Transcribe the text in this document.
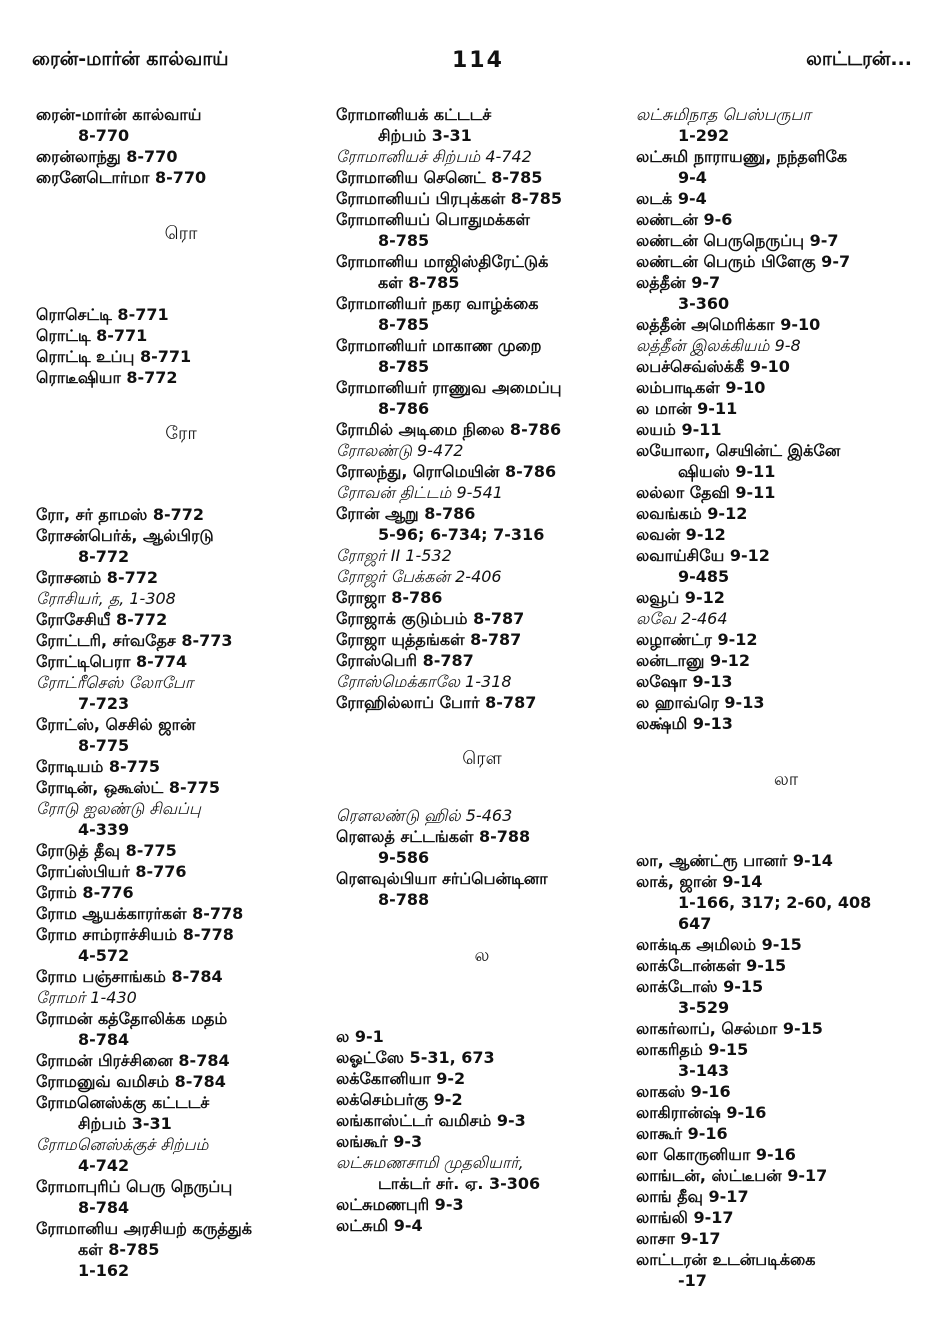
ரைன்-மார்ன் கால்வாய்	114	லாட்டரன்...
ரைன்-மார்ன் கால்வாய்
8-770
ரைன்லாந்து 8-770
ரைனேடொர்மா 8-770
ரொ
ரொசெட்டி 8-771
ரொட்டி 8-771
ரொட்டி உப்பு 8-771
ரொடீஷியா 8-772
ரோ
ரோ, சர் தாமஸ் 8-772
ரோசன்பெர்க், ஆல்பிரடு
8-772
ரோசனம் 8-772
ரோசியர், த, 1-308
ரோசேசியீ 8-772
ரோட்டரி, சர்வதேச 8-773
ரோட்டிபெரா 8-774
ரோட்ரீசெஸ் லோபோ
7-723
ரோட்ஸ், செசில் ஜான்
8-775
ரோடியம் 8-775
ரோடின், ஒகூஸ்ட் 8-775
ரோடு ஐலண்டு சிவப்பு
4-339
ரோடுத் தீவு 8-775
ரோப்ஸ்பியர் 8-776
ரோம் 8-776
ரோம ஆயக்காரர்கள் 8-778
ரோம சாம்ராச்சியம் 8-778
4-572
ரோம பஞ்சாங்கம் 8-784
ரோமர் 1-430
ரோமன் கத்தோலிக்க மதம்
8-784
ரோமன் பிரச்சினை 8-784
ரோமனுவ் வமிசம் 8-784
ரோமனெஸ்க்கு கட்டடச்
சிற்பம் 3-31
ரோமனெஸ்க்குச் சிற்பம்
4-742
ரோமாபுரிப் பெரு நெருப்பு
8-784
ரோமானிய அரசியற் கருத்துக்
கள் 8-785
1-162
ரோமானியக் கட்டடச்
சிற்பம் 3-31
ரோமானியச் சிற்பம் 4-742
ரோமானிய செனெட் 8-785
ரோமானியப் பிரபுக்கள் 8-785
ரோமானியப் பொதுமக்கள்
8-785
ரோமானிய மாஜிஸ்திரேட்டுக்
கள் 8-785
ரோமானியர் நகர வாழ்க்கை
8-785
ரோமானியர் மாகாண முறை
8-785
ரோமானியர் ராணுவ அமைப்பு
8-786
ரோமில் அடிமை நிலை 8-786
ரோலண்டு 9-472
ரோலந்து, ரொமெயின் 8-786
ரோவன் திட்டம் 9-541
ரோன் ஆறு 8-786
5-96; 6-734; 7-316
ரோஜர் II 1-532
ரோஜர் பேக்கன் 2-406
ரோஜா 8-786
ரோஜாக் குடும்பம் 8-787
ரோஜா யுத்தங்கள் 8-787
ரோஸ்பெரி 8-787
ரோஸ்மெக்காலே 1-318
ரோஹில்லாப் போர் 8-787
ரௌ
ரௌலண்டு ஹில் 5-463
ரௌலத் சட்டங்கள் 8-788
9-586
ரௌவுல்பியா சர்ப்பென்டினா
8-788
ல
ல 9-1
லஓட்ஸே 5-31, 673
லக்கோனியா 9-2
லக்செம்பர்கு 9-2
லங்காஸ்ட்டர் வமிசம் 9-3
லங்கூர் 9-3
லட்சுமணசாமி முதலியார்,
டாக்டர் சர். ஏ. 3-306
லட்சுமணபுரி 9-3
லட்சுமி 9-4
லட்சுமிநாத பெஸ்பருபா
1-292
லட்சுமி நாராயணு, நந்தளிகே
9-4
லடக் 9-4
லண்டன் 9-6
லண்டன் பெருநெருப்பு 9-7
லண்டன் பெரும் பிளேகு 9-7
லத்தீன் 9-7
3-360
லத்தீன் அமெரிக்கா 9-10
லத்தீன் இலக்கியம் 9-8
லபச்செவ்ஸ்க்கீ 9-10
லம்பாடிகள் 9-10
ல மான் 9-11
லயம் 9-11
லயோலா, செயின்ட் இக்னே
ஷியஸ் 9-11
லல்லா தேவி 9-11
லவங்கம் 9-12
லவன் 9-12
லவாய்சியே 9-12
9-485
லவூப் 9-12
லவே 2-464
லழாண்ட்ர 9-12
லன்டானு 9-12
லஷோ 9-13
ல ஹாவ்ரெ 9-13
லக்ஷ்மி 9-13
லா
லா, ஆண்ட்ரூ பானர் 9-14
லாக், ஜான் 9-14
1-166, 317; 2-60, 408
647
லாக்டிக அமிலம் 9-15
லாக்டோன்கள் 9-15
லாக்டோஸ் 9-15
3-529
லாகர்லாப், செல்மா 9-15
லாகரிதம் 9-15
3-143
லாகஸ் 9-16
லாகிரான்ஷ் 9-16
லாகூர் 9-16
லா கொருனியா 9-16
லாங்டன், ஸ்ட்டீபன் 9-17
லாங் தீவு 9-17
லாங்லி 9-17
லாசா 9-17
லாட்டரன் உடன்படிக்கை
-17
